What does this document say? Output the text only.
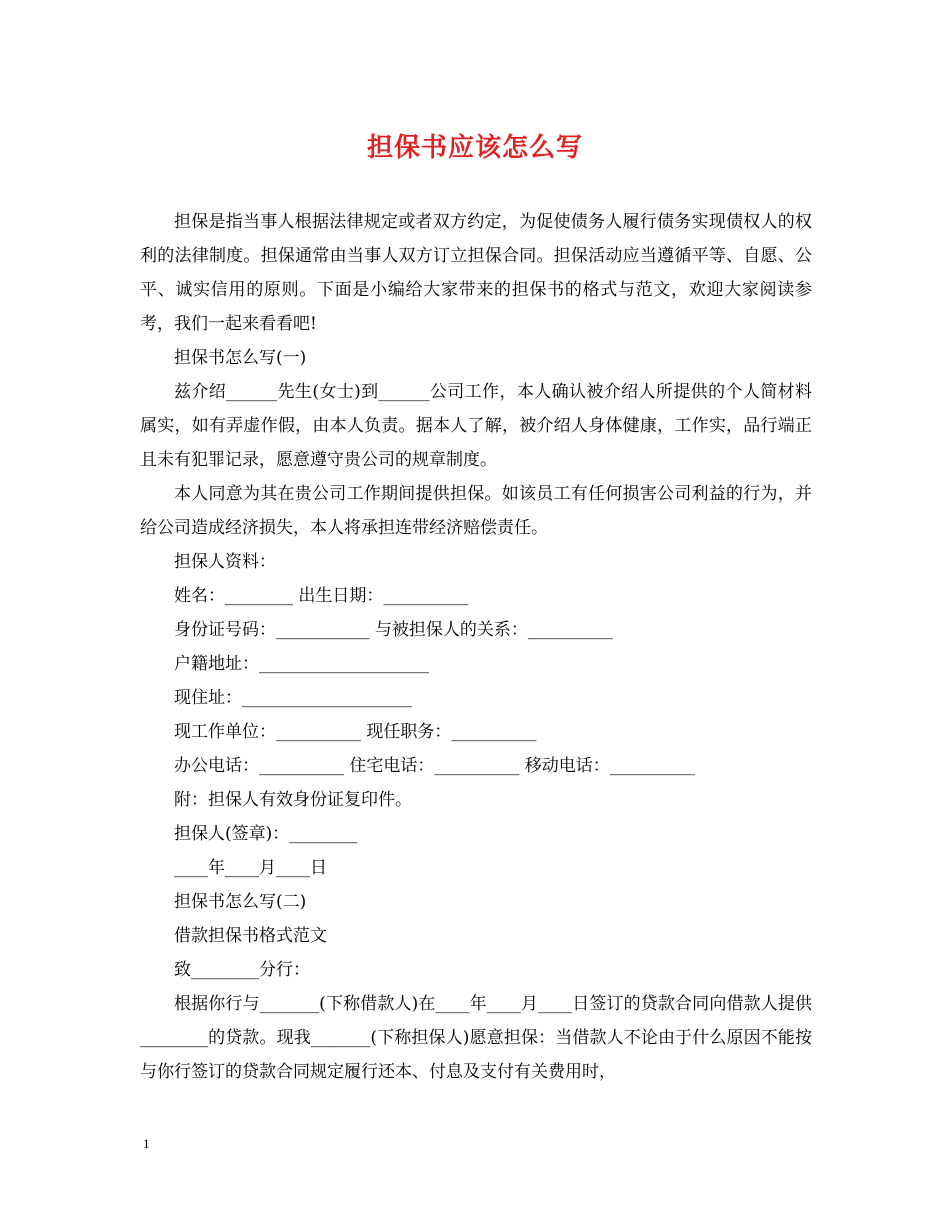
担保书应该怎么写

担保是指当事人根据法律规定或者双方约定，为促使债务人履行债务实现债权人的权利的法律制度。担保通常由当事人双方订立担保合同。担保活动应当遵循平等、自愿、公平、诚实信用的原则。下面是小编给大家带来的担保书的格式与范文，欢迎大家阅读参考，我们一起来看看吧!

担保书怎么写(一)

兹介绍______先生(女士)到______公司工作，本人确认被介绍人所提供的个人简材料属实，如有弄虚作假，由本人负责。据本人了解，被介绍人身体健康，工作实，品行端正且未有犯罪记录，愿意遵守贵公司的规章制度。

本人同意为其在贵公司工作期间提供担保。如该员工有任何损害公司利益的行为，并给公司造成经济损失，本人将承担连带经济赔偿责任。

担保人资料：

姓名：________ 出生日期：__________

身份证号码：___________ 与被担保人的关系：__________

户籍地址：____________________

现住址：____________________

现工作单位：__________ 现任职务：__________

办公电话：__________ 住宅电话：__________ 移动电话：__________

附：担保人有效身份证复印件。

担保人(签章)：________

____年____月____日

担保书怎么写(二)

借款担保书格式范文

致________分行：

根据你行与_______(下称借款人)在____年____月____日签订的贷款合同向借款人提供________的贷款。现我_______(下称担保人)愿意担保：当借款人不论由于什么原因不能按与你行签订的贷款合同规定履行还本、付息及支付有关费用时，

1
